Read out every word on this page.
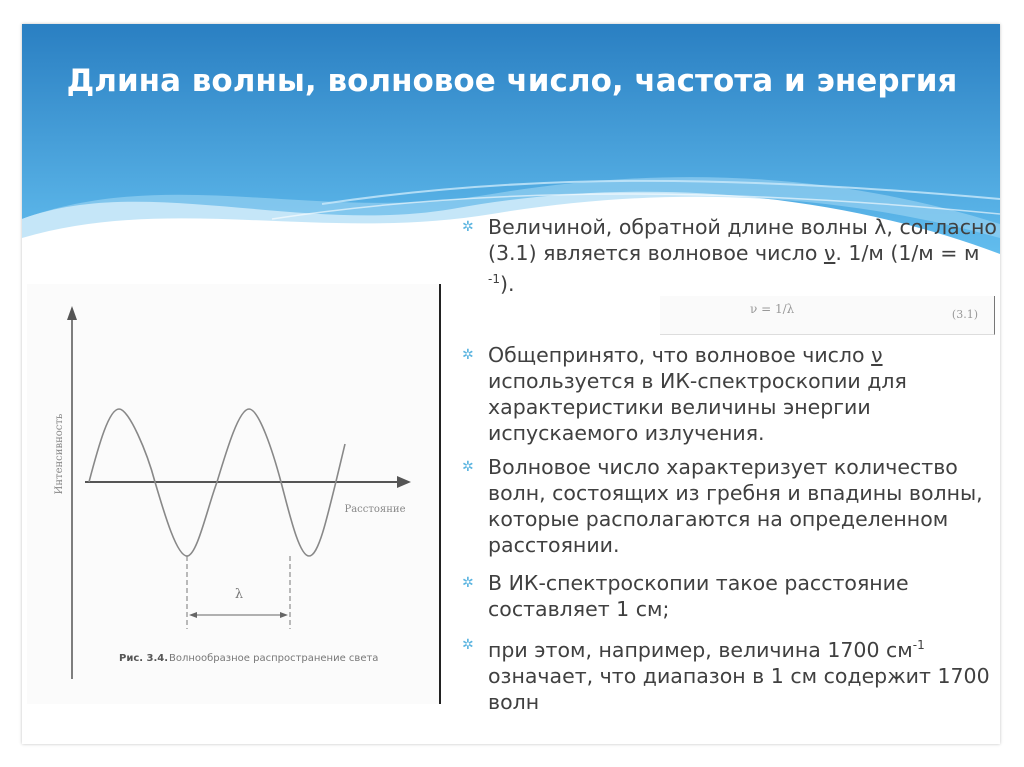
Длина волны, волновое число, частота и энергия
λ
Интенсивность
Расстояние
Рис. 3.4. Волнообразное распространение света
ν = 1/λ	(3.1)

✲ Величиной, обратной длине волны λ, согласно (3.1) является волновое число ν. 1/м (1/м = м $^{-1}$).

✲ Общепринято, что волновое число ν используется в ИК-спектроскопии для характеристики величины энергии испускаемого излучения.

✲ Волновое число характеризует количество волн, состоящих из гребня и впадины волны, которые располагаются на определенном расстоянии.

✲ В ИК-спектроскопии такое расстояние составляет 1 см;

✲ при этом, например, величина 1700 $см^{-1}$ означает, что диапазон в 1 см содержит 1700 волн
